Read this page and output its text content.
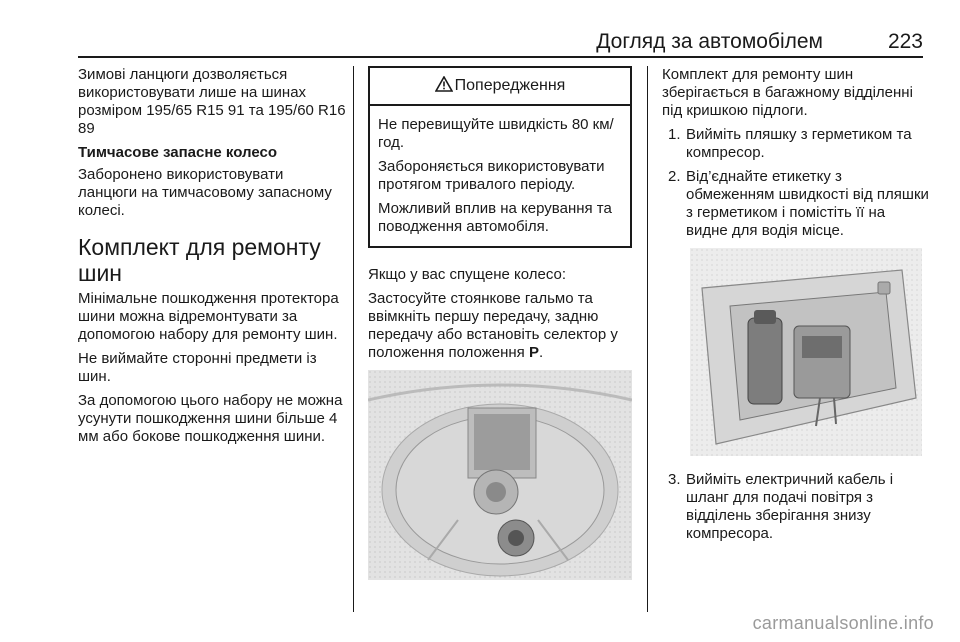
Догляд за автомобілем	223

Зимові ланцюги дозволяється використовувати лише на шинах розміром 195/65 R15 91 та 195/60 R16 89

Тимчасове запасне колесо

Заборонено використовувати ланцюги на тимчасовому запасному колесі.

Комплект для ремонту шин

Мінімальне пошкодження протектора шини можна відремонтувати за допомогою набору для ремонту шин.

Не виймайте сторонні предмети із шин.

За допомогою цього набору не можна усунути пошкодження шини більше 4 мм або бокове пошкодження шини.

Попередження

Не перевищуйте швидкість 80 км/год.

Забороняється використовувати протягом тривалого періоду.

Можливий вплив на керування та поводження автомобіля.

Якщо у вас спущене колесо:

Застосуйте стоянкове гальмо та ввімкніть першу передачу, задню передачу або встановіть селектор у положення положення P.

Комплект для ремонту шин зберігається в багажному відділенні під кришкою підлоги.

1. Вийміть пляшку з герметиком та компресор.
2. Від’єднайте етикетку з обмеженням швидкості від пляшки з герметиком і помістіть її на видне для водія місце.
3. Вийміть електричний кабель і шланг для подачі повітря з відділень зберігання знизу компресора.
carmanualsonline.info
